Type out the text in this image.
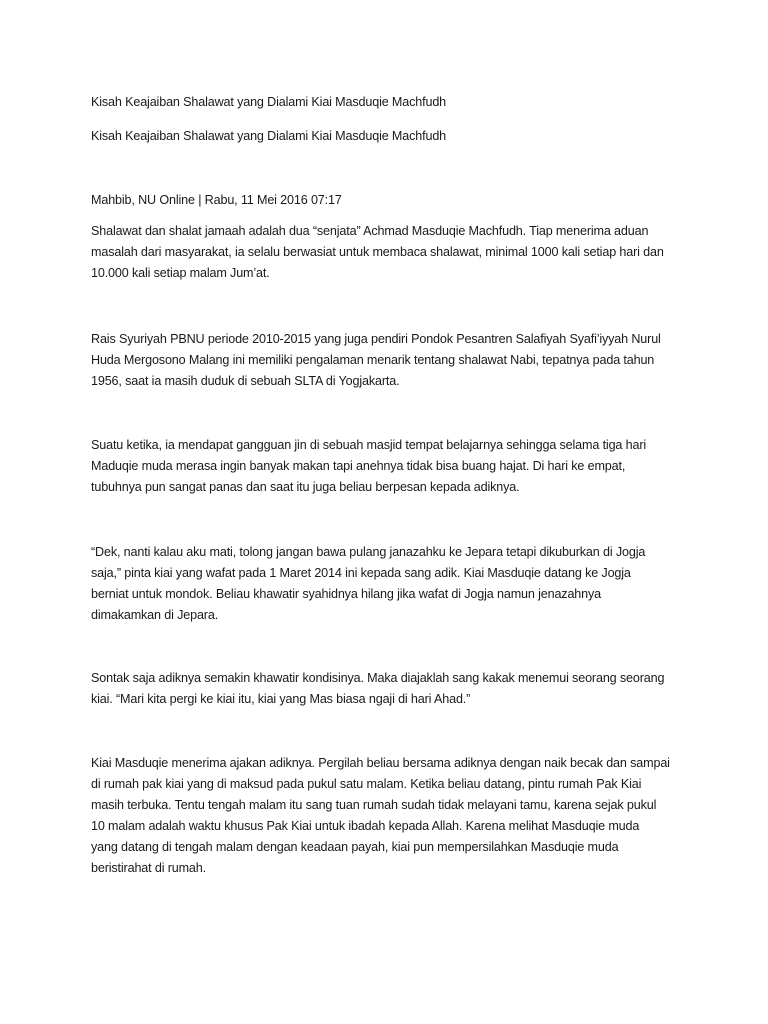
Kisah Keajaiban Shalawat yang Dialami Kiai Masduqie Machfudh
Kisah Keajaiban Shalawat yang Dialami Kiai Masduqie Machfudh
Mahbib, NU Online | Rabu, 11 Mei 2016 07:17
Shalawat dan shalat jamaah adalah dua “senjata” Achmad Masduqie Machfudh. Tiap menerima aduan
masalah dari masyarakat, ia selalu berwasiat untuk membaca shalawat, minimal 1000 kali setiap hari dan
10.000 kali setiap malam Jum’at.
Rais Syuriyah PBNU periode 2010-2015 yang juga pendiri Pondok Pesantren Salafiyah Syafi’iyyah Nurul
Huda Mergosono Malang ini memiliki pengalaman menarik tentang shalawat Nabi, tepatnya pada tahun
1956, saat ia masih duduk di sebuah SLTA di Yogjakarta.
Suatu ketika, ia mendapat gangguan jin di sebuah masjid tempat belajarnya sehingga selama tiga hari
Maduqie muda merasa ingin banyak makan tapi anehnya tidak bisa buang hajat. Di hari ke empat,
tubuhnya pun sangat panas dan saat itu juga beliau berpesan kepada adiknya.
“Dek, nanti kalau aku mati, tolong jangan bawa pulang janazahku ke Jepara tetapi dikuburkan di Jogja
saja,” pinta kiai yang wafat pada 1 Maret 2014 ini kepada sang adik. Kiai Masduqie datang ke Jogja
berniat untuk mondok. Beliau khawatir syahidnya hilang jika wafat di Jogja namun jenazahnya
dimakamkan di Jepara.
Sontak saja adiknya semakin khawatir kondisinya. Maka diajaklah sang kakak menemui seorang seorang
kiai. “Mari kita pergi ke kiai itu, kiai yang Mas biasa ngaji di hari Ahad.”
Kiai Masduqie menerima ajakan adiknya. Pergilah beliau bersama adiknya dengan naik becak dan sampai
di rumah pak kiai yang di maksud pada pukul satu malam. Ketika beliau datang, pintu rumah Pak Kiai
masih terbuka. Tentu tengah malam itu sang tuan rumah sudah tidak melayani tamu, karena sejak pukul
10 malam adalah waktu khusus Pak Kiai untuk ibadah kepada Allah. Karena melihat Masduqie muda
yang datang di tengah malam dengan keadaan payah, kiai pun mempersilahkan Masduqie muda
beristirahat di rumah.
